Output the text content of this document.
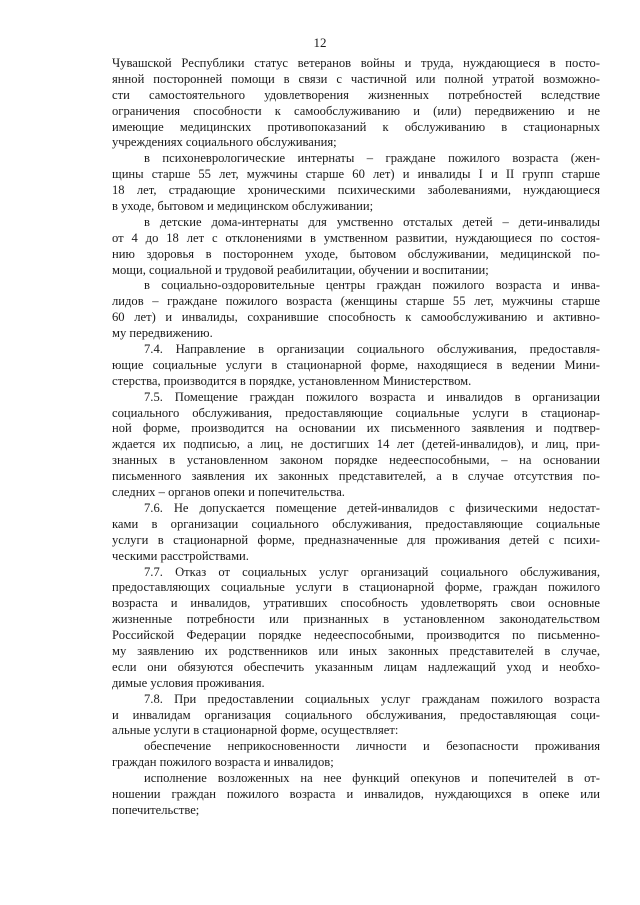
12
Чувашской Республики статус ветеранов войны и труда, нуждающиеся в посто-
янной посторонней помощи в связи с частичной или полной утратой возможно-
сти самостоятельного удовлетворения жизненных потребностей вследствие
ограничения способности к самообслуживанию и (или) передвижению и не
имеющие медицинских противопоказаний к обслуживанию в стационарных
учреждениях социального обслуживания;
в психоневрологические интернаты – граждане пожилого возраста (жен-
щины старше 55 лет, мужчины старше 60 лет) и инвалиды I и II групп старше
18 лет, страдающие хроническими психическими заболеваниями, нуждающиеся
в уходе, бытовом и медицинском обслуживании;
в детские дома-интернаты для умственно отсталых детей – дети-инвалиды
от 4 до 18 лет с отклонениями в умственном развитии, нуждающиеся по состоя-
нию здоровья в постороннем уходе, бытовом обслуживании, медицинской по-
мощи, социальной и трудовой реабилитации, обучении и воспитании;
в социально-оздоровительные центры граждан пожилого возраста и инва-
лидов – граждане пожилого возраста (женщины старше 55 лет, мужчины старше
60 лет) и инвалиды, сохранившие способность к самообслуживанию и активно-
му передвижению.
7.4. Направление в организации социального обслуживания, предоставля-
ющие социальные услуги в стационарной форме, находящиеся в ведении Мини-
стерства, производится в порядке, установленном Министерством.
7.5. Помещение граждан пожилого возраста и инвалидов в организации
социального обслуживания, предоставляющие социальные услуги в стационар-
ной форме, производится на основании их письменного заявления и подтвер-
ждается их подписью, а лиц, не достигших 14 лет (детей-инвалидов), и лиц, при-
знанных в установленном законом порядке недееспособными, – на основании
письменного заявления их законных представителей, а в случае отсутствия по-
следних – органов опеки и попечительства.
7.6. Не допускается помещение детей-инвалидов с физическими недостат-
ками в организации социального обслуживания, предоставляющие социальные
услуги в стационарной форме, предназначенные для проживания детей с психи-
ческими расстройствами.
7.7. Отказ от социальных услуг организаций социального обслуживания,
предоставляющих социальные услуги в стационарной форме, граждан пожилого
возраста и инвалидов, утративших способность удовлетворять свои основные
жизненные потребности или признанных в установленном законодательством
Российской Федерации порядке недееспособными, производится по письменно-
му заявлению их родственников или иных законных представителей в случае,
если они обязуются обеспечить указанным лицам надлежащий уход и необхо-
димые условия проживания.
7.8. При предоставлении социальных услуг гражданам пожилого возраста
и инвалидам организация социального обслуживания, предоставляющая соци-
альные услуги в стационарной форме, осуществляет:
обеспечение неприкосновенности личности и безопасности проживания
граждан пожилого возраста и инвалидов;
исполнение возложенных на нее функций опекунов и попечителей в от-
ношении граждан пожилого возраста и инвалидов, нуждающихся в опеке или
попечительстве;
